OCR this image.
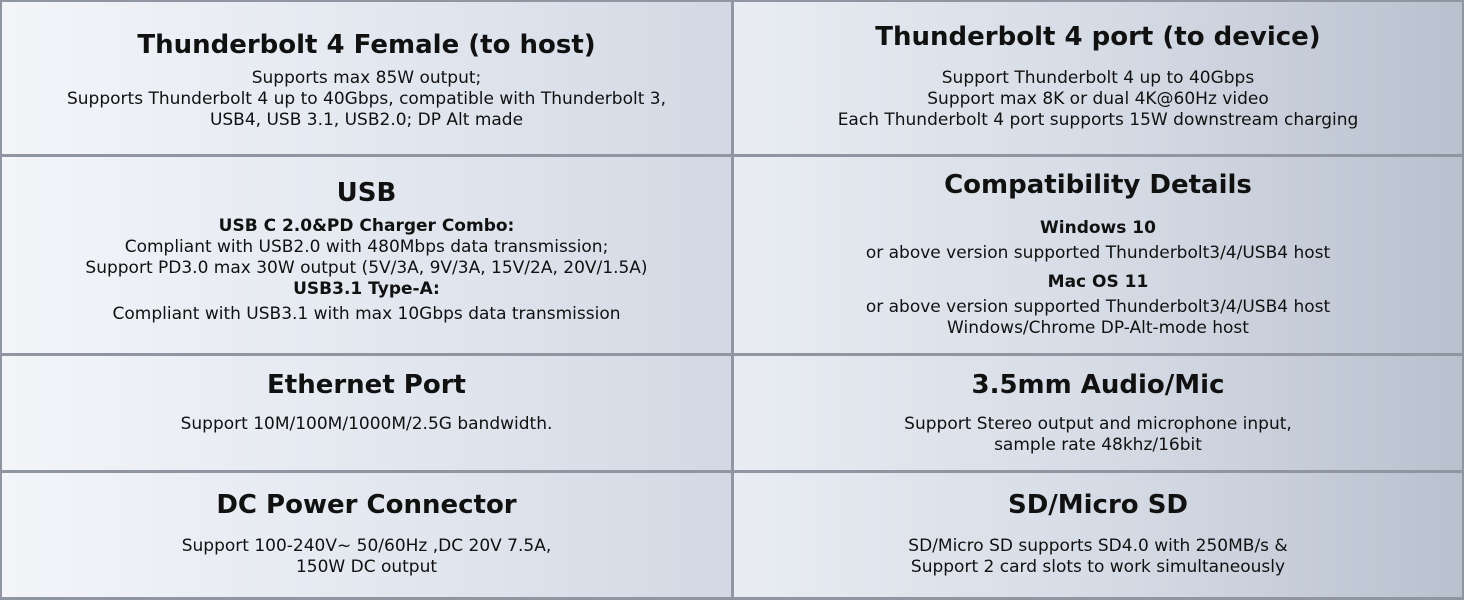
Thunderbolt 4 Female (to host)

Supports max 85W output;

Supports Thunderbolt 4 up to 40Gbps, compatible with Thunderbolt 3,

USB4, USB 3.1, USB2.0; DP Alt made

Thunderbolt 4 port (to device)

Support Thunderbolt 4 up to 40Gbps

Support max 8K or dual 4K@60Hz video

Each Thunderbolt 4 port supports 15W downstream charging

USB

USB C 2.0&PD Charger Combo:

Compliant with USB2.0 with 480Mbps data transmission;

Support PD3.0 max 30W output (5V/3A, 9V/3A, 15V/2A, 20V/1.5A)

USB3.1 Type-A:

Compliant with USB3.1 with max 10Gbps data transmission

Compatibility Details

Windows 10

or above version supported Thunderbolt3/4/USB4 host

Mac OS 11

or above version supported Thunderbolt3/4/USB4 host

Windows/Chrome DP-Alt-mode host

Ethernet Port

Support 10M/100M/1000M/2.5G bandwidth.

3.5mm Audio/Mic

Support Stereo output and microphone input,

sample rate 48khz/16bit

DC Power Connector

Support 100-240V~ 50/60Hz ,DC 20V 7.5A,

150W DC output

SD/Micro SD

SD/Micro SD supports SD4.0 with 250MB/s &

Support 2 card slots to work simultaneously
